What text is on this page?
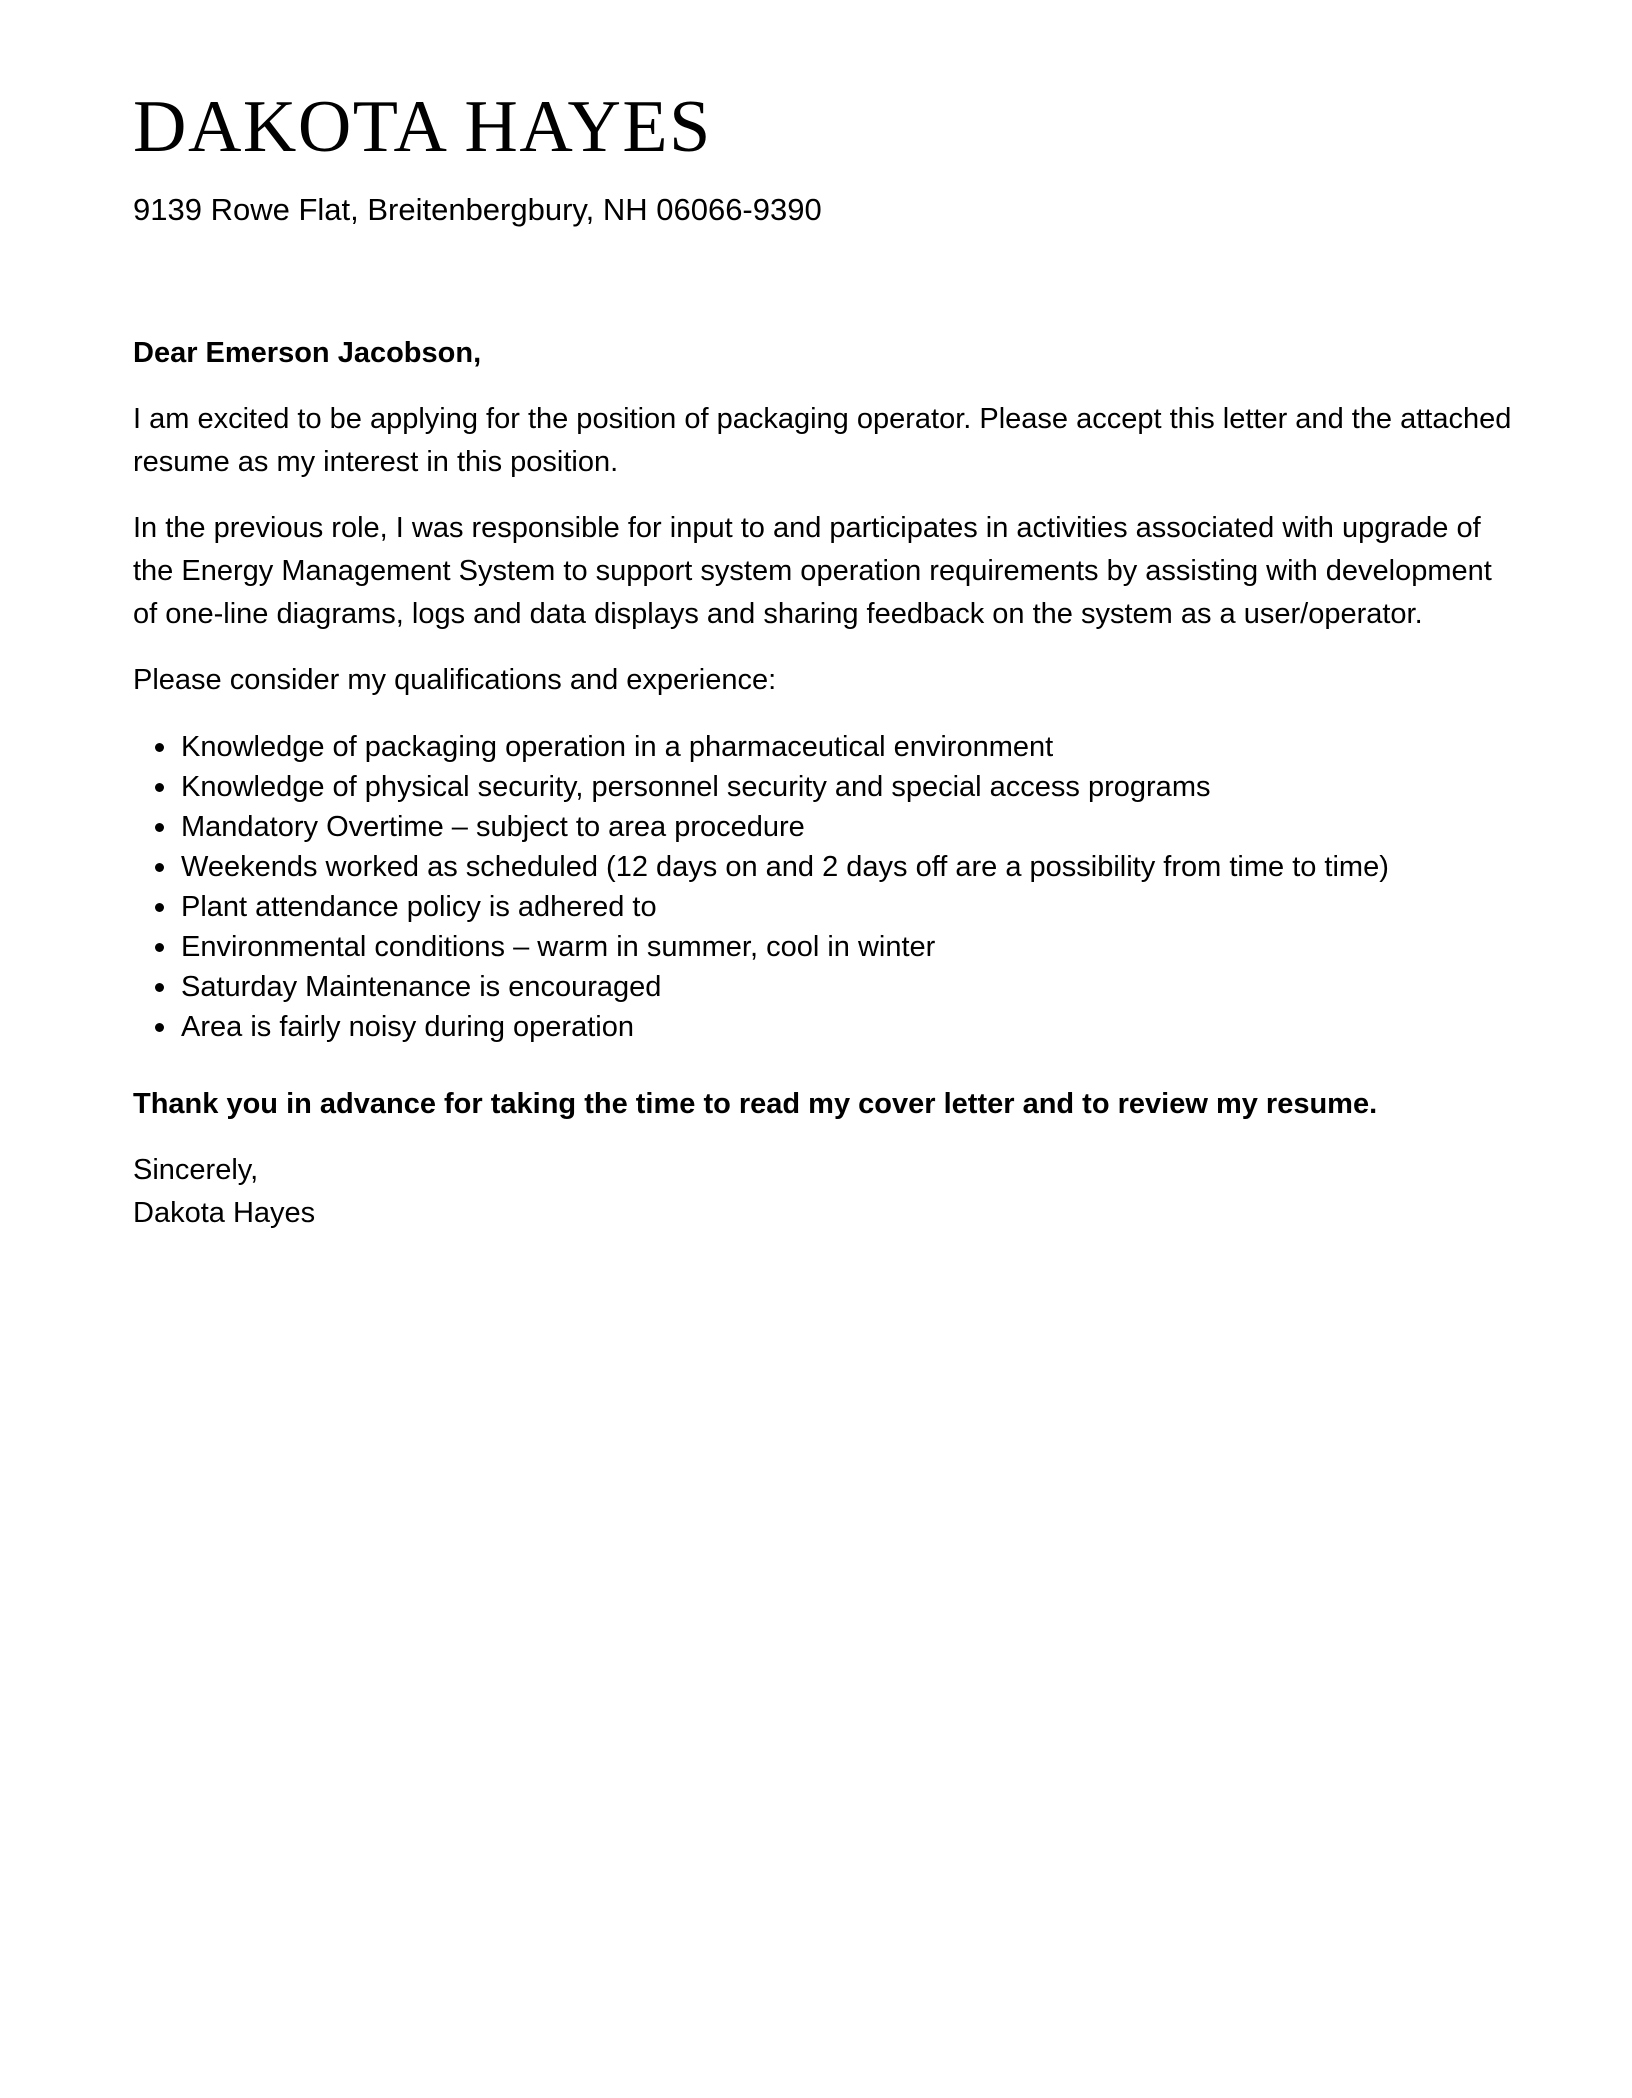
DAKOTA HAYES
9139 Rowe Flat, Breitenbergbury, NH 06066-9390
Dear Emerson Jacobson,
I am excited to be applying for the position of packaging operator. Please accept this letter and the attached resume as my interest in this position.
In the previous role, I was responsible for input to and participates in activities associated with upgrade of the Energy Management System to support system operation requirements by assisting with development of one-line diagrams, logs and data displays and sharing feedback on the system as a user/operator.
Please consider my qualifications and experience:
Knowledge of packaging operation in a pharmaceutical environment
Knowledge of physical security, personnel security and special access programs
Mandatory Overtime – subject to area procedure
Weekends worked as scheduled (12 days on and 2 days off are a possibility from time to time)
Plant attendance policy is adhered to
Environmental conditions – warm in summer, cool in winter
Saturday Maintenance is encouraged
Area is fairly noisy during operation
Thank you in advance for taking the time to read my cover letter and to review my resume.
Sincerely,
Dakota Hayes
